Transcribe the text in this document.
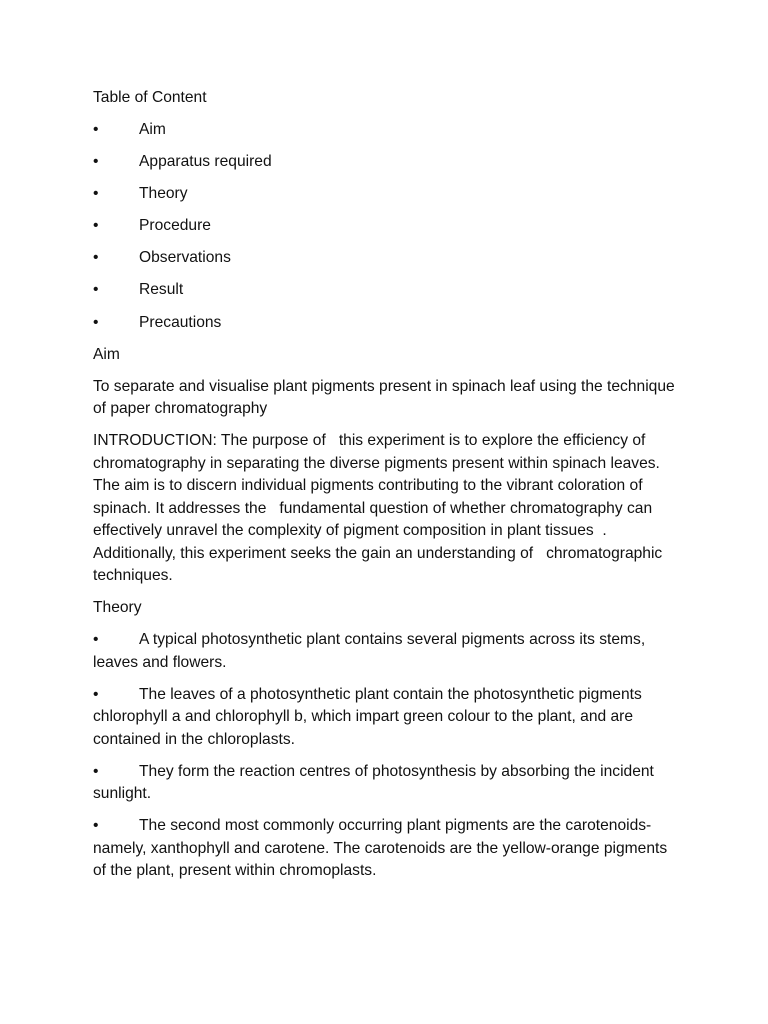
Table of Content
•	Aim
•	Apparatus required
•	Theory
•	Procedure
•	Observations
•	Result
•	Precautions
Aim
To separate and visualise plant pigments present in spinach leaf using the technique of paper chromatography
INTRODUCTION: The purpose of   this experiment is to explore the efficiency of chromatography in separating the diverse pigments present within spinach leaves. The aim is to discern individual pigments contributing to the vibrant coloration of   spinach. It addresses the   fundamental question of whether chromatography can effectively unravel the complexity of pigment composition in plant tissues  . Additionally, this experiment seeks the gain an understanding of   chromatographic techniques.
Theory
•	A typical photosynthetic plant contains several pigments across its stems, leaves and flowers.
•	The leaves of a photosynthetic plant contain the photosynthetic pigments chlorophyll a and chlorophyll b, which impart green colour to the plant, and are contained in the chloroplasts.
•	They form the reaction centres of photosynthesis by absorbing the incident sunlight.
•	The second most commonly occurring plant pigments are the carotenoids- namely, xanthophyll and carotene. The carotenoids are the yellow-orange pigments of the plant, present within chromoplasts.
